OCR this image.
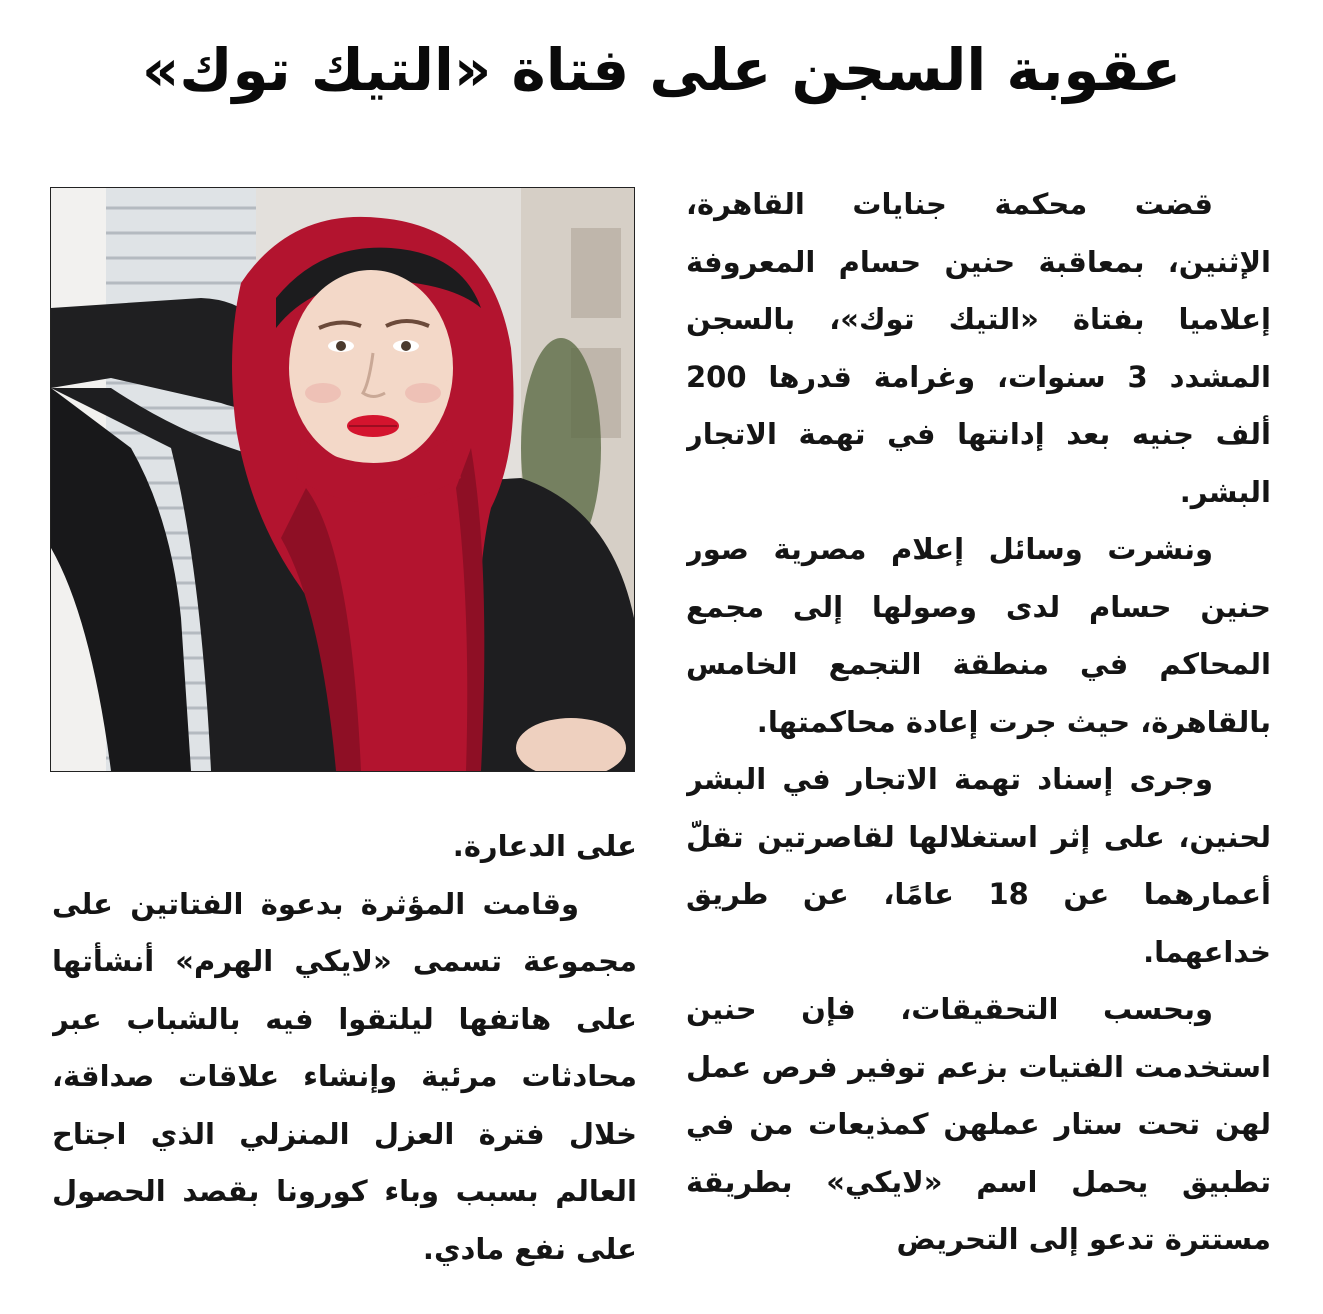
عقوبة السجن على فتاة «التيك توك»

قضت محكمة جنايات القاهرة، الإثنين، بمعاقبة حنين حسام المعروفة إعلاميا بفتاة «التيك توك»، بالسجن المشدد 3 سنوات، وغرامة قدرها 200 ألف جنيه بعد إدانتها في تهمة الاتجار البشر.

ونشرت وسائل إعلام مصرية صور حنين حسام لدى وصولها إلى مجمع المحاكم في منطقة التجمع الخامس بالقاهرة، حيث جرت إعادة محاكمتها.

وجرى إسناد تهمة الاتجار في البشر لحنين، على إثر استغلالها لقاصرتين تقلّ أعمارهما عن 18 عامًا، عن طريق خداعهما.

وبحسب التحقيقات، فإن حنين استخدمت الفتيات بزعم توفير فرص عمل لهن تحت ستار عملهن كمذيعات من في تطبيق يحمل اسم «لايكي» بطريقة مستترة تدعو إلى التحريض

على الدعارة.

وقامت المؤثرة بدعوة الفتاتين على مجموعة تسمى «لايكي الهرم» أنشأتها على هاتفها ليلتقوا فيه بالشباب عبر محادثات مرئية وإنشاء علاقات صداقة، خلال فترة العزل المنزلي الذي اجتاح العالم بسبب وباء كورونا بقصد الحصول على نفع مادي.
